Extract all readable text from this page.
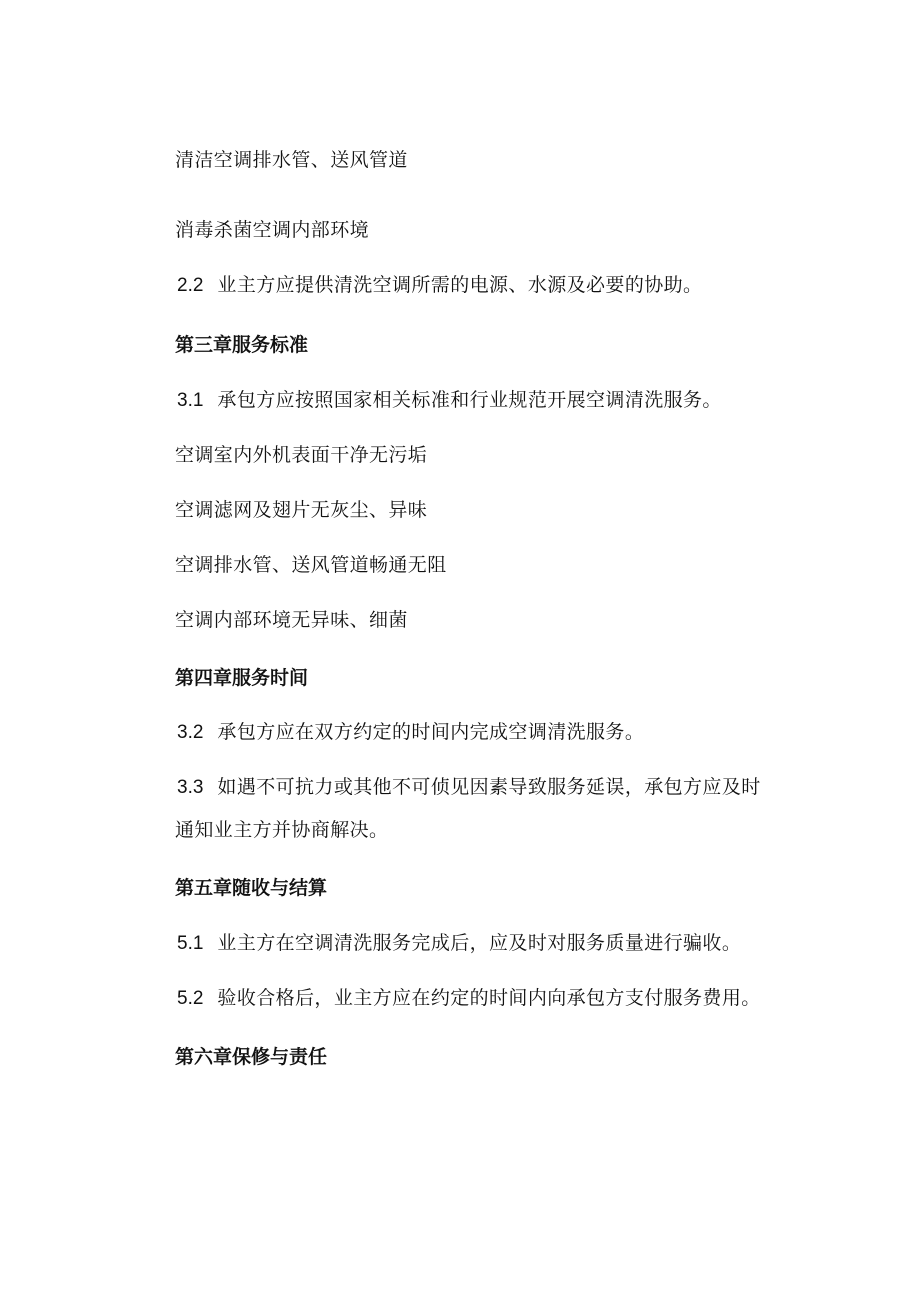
清洁空调排水管、送风管道
消毒杀菌空调内部环境
2.2 业主方应提供清洗空调所需的电源、水源及必要的协助。
第三章服务标准
3.1 承包方应按照国家相关标准和行业规范开展空调清洗服务。
空调室内外机表面干净无污垢
空调滤网及翅片无灰尘、异味
空调排水管、送风管道畅通无阻
空调内部环境无异味、细菌
第四章服务时间
3.2 承包方应在双方约定的时间内完成空调清洗服务。
3.3 如遇不可抗力或其他不可侦见因素导致服务延误，承包方应及时
通知业主方并协商解决。
第五章随收与结算
5.1 业主方在空调清洗服务完成后，应及时对服务质量进行骗收。
5.2 验收合格后，业主方应在约定的时间内向承包方支付服务费用。
第六章保修与责任
